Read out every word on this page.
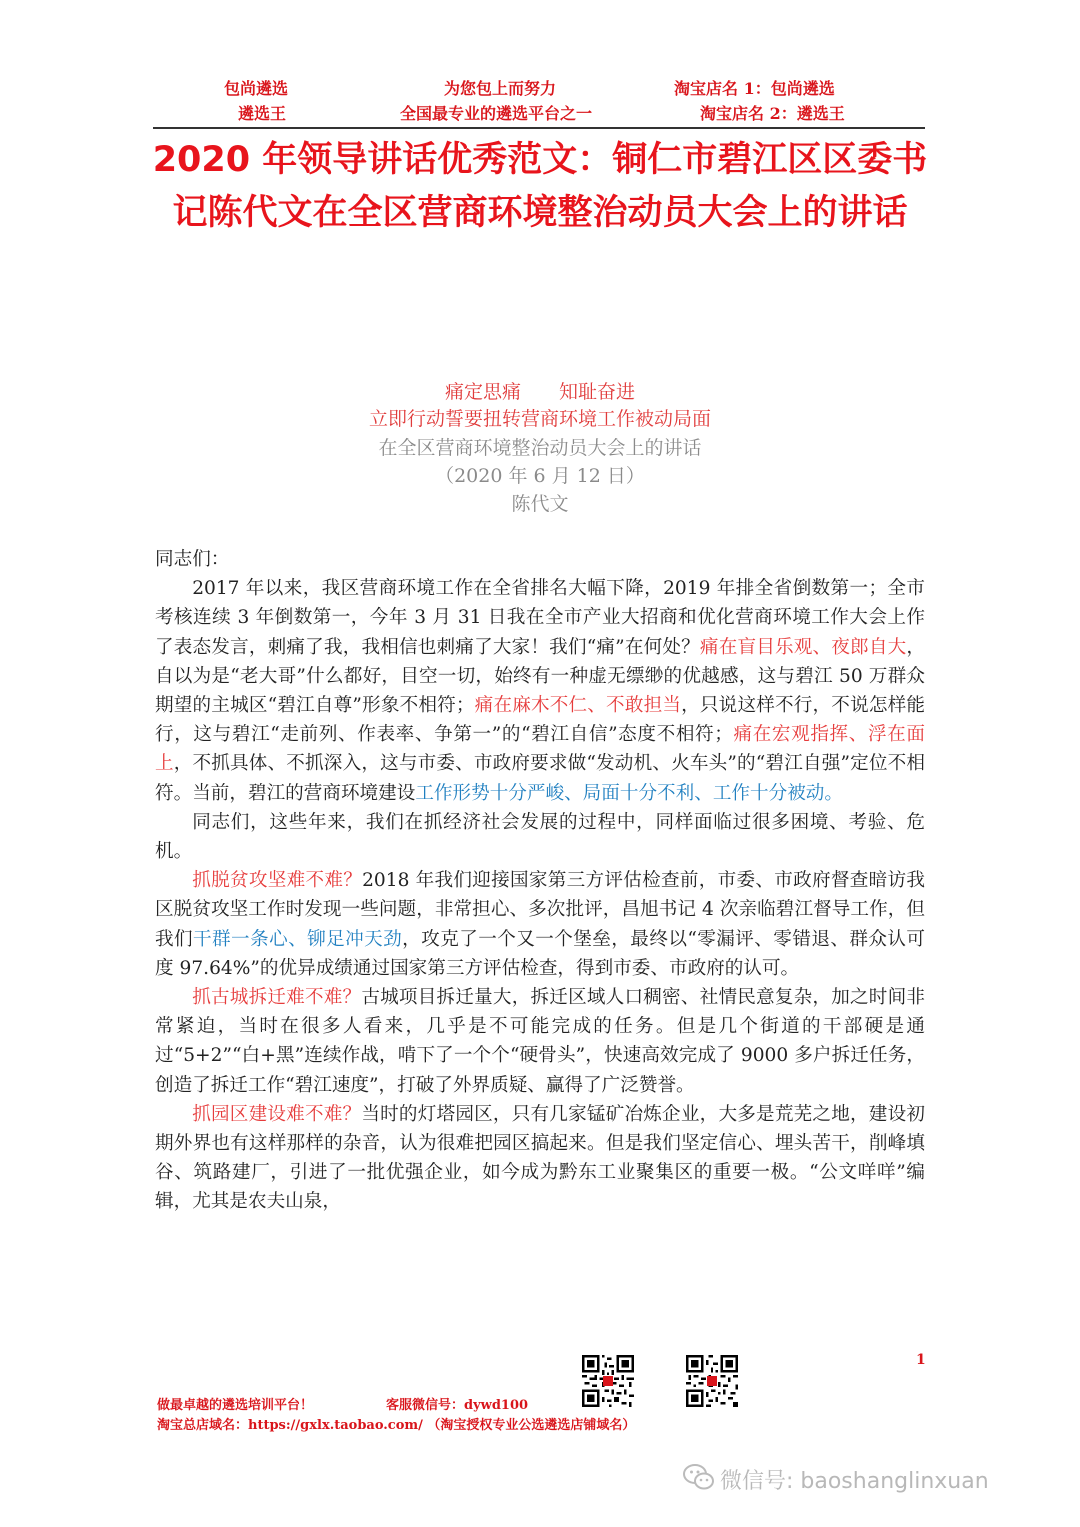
包尚遴选
遴选王
为您包上而努力
全国最专业的遴选平台之一
淘宝店名 1：包尚遴选
淘宝店名 2：遴选王
2020 年领导讲话优秀范文：铜仁市碧江区区委书记陈代文在全区营商环境整治动员大会上的讲话
痛定思痛　　知耻奋进
立即行动誓要扭转营商环境工作被动局面
在全区营商环境整治动员大会上的讲话
（2020 年 6 月 12 日）
陈代文

同志们：

2017 年以来，我区营商环境工作在全省排名大幅下降，2019 年排全省倒数第一；全市考核连续 3 年倒数第一，今年 3 月 31 日我在全市产业大招商和优化营商环境工作大会上作了表态发言，刺痛了我，我相信也刺痛了大家！我们“痛”在何处？痛在盲目乐观、夜郎自大，自以为是“老大哥”什么都好，目空一切，始终有一种虚无缥缈的优越感，这与碧江 50 万群众期望的主城区“碧江自尊”形象不相符；痛在麻木不仁、不敢担当，只说这样不行，不说怎样能行，这与碧江“走前列、作表率、争第一”的“碧江自信”态度不相符；痛在宏观指挥、浮在面上，不抓具体、不抓深入，这与市委、市政府要求做“发动机、火车头”的“碧江自强”定位不相符。当前，碧江的营商环境建设工作形势十分严峻、局面十分不利、工作十分被动。

同志们，这些年来，我们在抓经济社会发展的过程中，同样面临过很多困境、考验、危机。

抓脱贫攻坚难不难？2018 年我们迎接国家第三方评估检查前，市委、市政府督查暗访我区脱贫攻坚工作时发现一些问题，非常担心、多次批评，昌旭书记 4 次亲临碧江督导工作，但我们干群一条心、铆足冲天劲，攻克了一个又一个堡垒，最终以“零漏评、零错退、群众认可度 97.64%”的优异成绩通过国家第三方评估检查，得到市委、市政府的认可。

抓古城拆迁难不难？古城项目拆迁量大，拆迁区域人口稠密、社情民意复杂，加之时间非常紧迫，当时在很多人看来，几乎是不可能完成的任务。但是几个街道的干部硬是通过“5+2”“白+黑”连续作战，啃下了一个个“硬骨头”，快速高效完成了 9000 多户拆迁任务，创造了拆迁工作“碧江速度”，打破了外界质疑、赢得了广泛赞誉。

抓园区建设难不难？当时的灯塔园区，只有几家锰矿冶炼企业，大多是荒芜之地，建设初期外界也有这样那样的杂音，认为很难把园区搞起来。但是我们坚定信心、埋头苦干，削峰填谷、筑路建厂，引进了一批优强企业，如今成为黔东工业聚集区的重要一极。“公文咩咩”编辑，尤其是农夫山泉，

1
做最卓越的遴选培训平台！	客服微信号：dywd100
淘宝总店域名：https://gxlx.taobao.com/ （淘宝授权专业公选遴选店铺域名）
微信号: baoshanglinxuan
